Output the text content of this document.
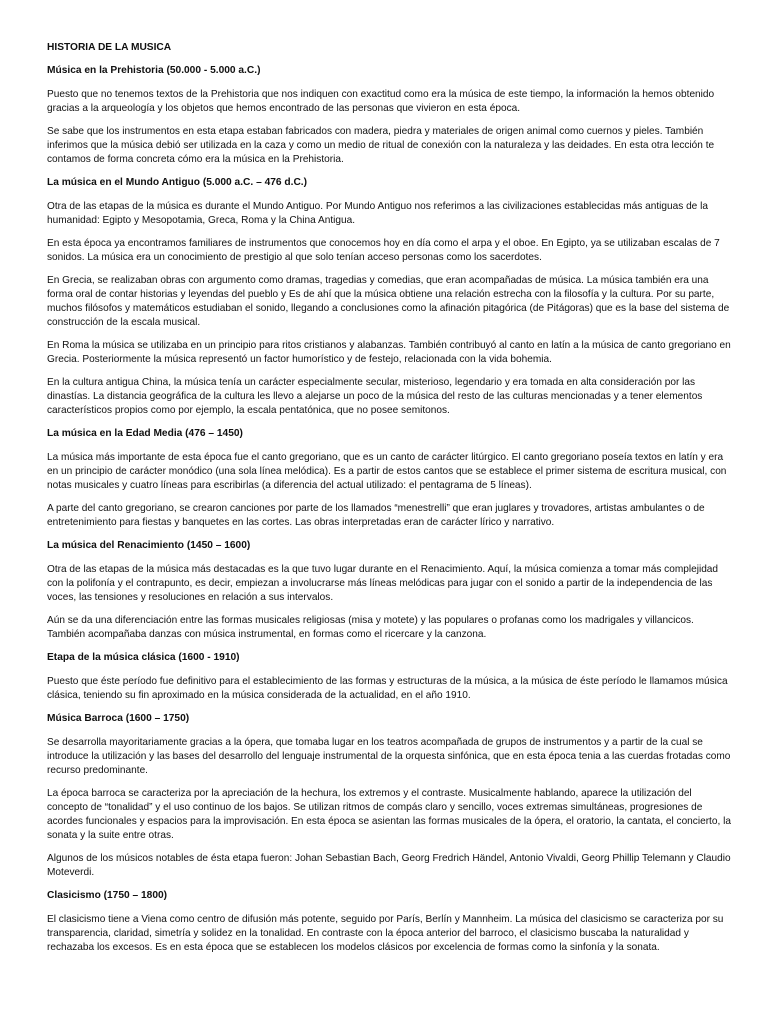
HISTORIA DE LA MUSICA
Música en la Prehistoria (50.000 - 5.000 a.C.)

Puesto que no tenemos textos de la Prehistoria que nos indiquen con exactitud como era la música de este tiempo, la información la hemos obtenido gracias a la arqueología y los objetos que hemos encontrado de las personas que vivieron en esta época.

Se sabe que los instrumentos en esta etapa estaban fabricados con madera, piedra y materiales de origen animal como cuernos y pieles. También inferimos que la música debió ser utilizada en la caza y como un medio de ritual de conexión con la naturaleza y las deidades. En esta otra lección te contamos de forma concreta cómo era la música en la Prehistoria.

La música en el Mundo Antiguo (5.000 a.C. – 476 d.C.)

Otra de las etapas de la música es durante el Mundo Antiguo. Por Mundo Antiguo nos referimos a las civilizaciones establecidas más antiguas de la humanidad: Egipto y Mesopotamia, Greca, Roma y la China Antigua.

En esta época ya encontramos familiares de instrumentos que conocemos hoy en día como el arpa y el oboe. En Egipto, ya se utilizaban escalas de 7 sonidos. La música era un conocimiento de prestigio al que solo tenían acceso personas como los sacerdotes.

En Grecia, se realizaban obras con argumento como dramas, tragedias y comedias, que eran acompañadas de música. La música también era una forma oral de contar historias y leyendas del pueblo y Es de ahí que la música obtiene una relación estrecha con la filosofía y la cultura. Por su parte, muchos filósofos y matemáticos estudiaban el sonido, llegando a conclusiones como la afinación pitagórica (de Pitágoras) que es la base del sistema de construcción de la escala musical.

En Roma la música se utilizaba en un principio para ritos cristianos y alabanzas. También contribuyó al canto en latín a la música de canto gregoriano en Grecia. Posteriormente la música representó un factor humorístico y de festejo, relacionada con la vida bohemia.

En la cultura antigua China, la música tenía un carácter especialmente secular, misterioso, legendario y era tomada en alta consideración por las dinastías. La distancia geográfica de la cultura les llevo a alejarse un poco de la música del resto de las culturas mencionadas y a tener elementos característicos propios como por ejemplo, la escala pentatónica, que no posee semitonos.

La música en la Edad Media (476 – 1450)

La música más importante de esta época fue el canto gregoriano, que es un canto de carácter litúrgico. El canto gregoriano poseía textos en latín y era en un principio de carácter monódico (una sola línea melódica). Es a partir de estos cantos que se establece el primer sistema de escritura musical, con notas musicales y cuatro líneas para escribirlas (a diferencia del actual utilizado: el pentagrama de 5 líneas).

A parte del canto gregoriano, se crearon canciones por parte de los llamados “menestrelli” que eran juglares y trovadores, artistas ambulantes o de entretenimiento para fiestas y banquetes en las cortes. Las obras interpretadas eran de carácter lírico y narrativo.

La música del Renacimiento (1450 – 1600)

Otra de las etapas de la música más destacadas es la que tuvo lugar durante en el Renacimiento. Aquí, la música comienza a tomar más complejidad con la polifonía y el contrapunto, es decir, empiezan a involucrarse más líneas melódicas para jugar con el sonido a partir de la independencia de las voces, las tensiones y resoluciones en relación a sus intervalos.

Aún se da una diferenciación entre las formas musicales religiosas (misa y motete) y las populares o profanas como los madrigales y villancicos. También acompañaba danzas con música instrumental, en formas como el ricercare y la canzona.

Etapa de la música clásica (1600 - 1910)

Puesto que éste período fue definitivo para el establecimiento de las formas y estructuras de la música, a la música de éste período le llamamos música clásica, teniendo su fin aproximado en la música considerada de la actualidad, en el año 1910.

Música Barroca (1600 – 1750)

Se desarrolla mayoritariamente gracias a la ópera, que tomaba lugar en los teatros acompañada de grupos de instrumentos y a partir de la cual se introduce la utilización y las bases del desarrollo del lenguaje instrumental de la orquesta sinfónica, que en esta época tenia a las cuerdas frotadas como recurso predominante.

La época barroca se caracteriza por la apreciación de la hechura, los extremos y el contraste. Musicalmente hablando, aparece la utilización del concepto de “tonalidad” y el uso continuo de los bajos. Se utilizan ritmos de compás claro y sencillo, voces extremas simultáneas, progresiones de acordes funcionales y espacios para la improvisación. En esta época se asientan las formas musicales de la ópera, el oratorio, la cantata, el concierto, la sonata y la suite entre otras.

Algunos de los músicos notables de ésta etapa fueron: Johan Sebastian Bach, Georg Fredrich Händel, Antonio Vivaldi, Georg Phillip Telemann y Claudio Moteverdi.

Clasicismo (1750 – 1800)

El clasicismo tiene a Viena como centro de difusión más potente, seguido por París, Berlín y Mannheim. La música del clasicismo se caracteriza por su transparencia, claridad, simetría y solidez en la tonalidad. En contraste con la época anterior del barroco, el clasicismo buscaba la naturalidad y rechazaba los excesos. Es en esta época que se establecen los modelos clásicos por excelencia de formas como la sinfonía y la sonata.
